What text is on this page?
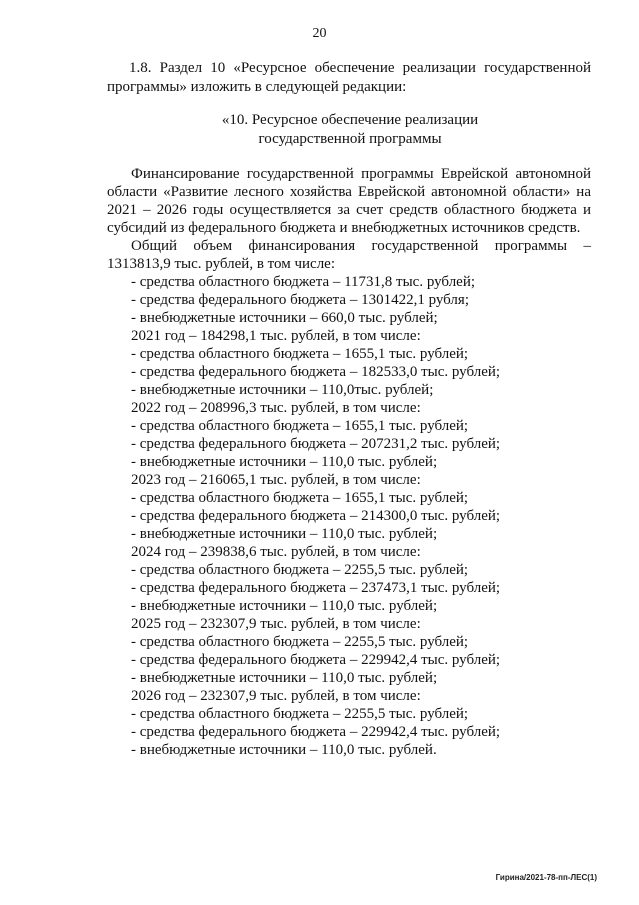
20

1.8. Раздел 10 «Ресурсное обеспечение реализации государственной

программы» изложить в следующей редакции:

«10. Ресурсное обеспечение реализации
государственной программы

Финансирование государственной программы Еврейской автономной области «Развитие лесного хозяйства Еврейской автономной области» на 2021 – 2026 годы осуществляется за счет средств областного бюджета и субсидий из федерального бюджета и внебюджетных источников средств.

Общий объем финансирования государственной программы – 1313813,9 тыс. рублей, в том числе:

- средства областного бюджета – 11731,8 тыс. рублей;
- средства федерального бюджета – 1301422,1 рубля;
- внебюджетные источники – 660,0 тыс. рублей;
2021 год – 184298,1 тыс. рублей, в том числе:
- средства областного бюджета – 1655,1 тыс. рублей;
- средства федерального бюджета – 182533,0 тыс. рублей;
- внебюджетные источники – 110,0тыс. рублей;
2022 год – 208996,3 тыс. рублей, в том числе:
- средства областного бюджета – 1655,1 тыс. рублей;
- средства федерального бюджета – 207231,2 тыс. рублей;
- внебюджетные источники – 110,0 тыс. рублей;
2023 год – 216065,1 тыс. рублей, в том числе:
- средства областного бюджета – 1655,1 тыс. рублей;
- средства федерального бюджета – 214300,0 тыс. рублей;
- внебюджетные источники – 110,0 тыс. рублей;
2024 год – 239838,6 тыс. рублей, в том числе:
- средства областного бюджета – 2255,5 тыс. рублей;
- средства федерального бюджета – 237473,1 тыс. рублей;
- внебюджетные источники – 110,0 тыс. рублей;
2025 год – 232307,9 тыс. рублей, в том числе:
- средства областного бюджета – 2255,5 тыс. рублей;
- средства федерального бюджета – 229942,4 тыс. рублей;
- внебюджетные источники – 110,0 тыс. рублей;
2026 год – 232307,9 тыс. рублей, в том числе:
- средства областного бюджета – 2255,5 тыс. рублей;
- средства федерального бюджета – 229942,4 тыс. рублей;
- внебюджетные источники – 110,0 тыс. рублей.
Гирина/2021-78-пп-ЛЕС(1)
